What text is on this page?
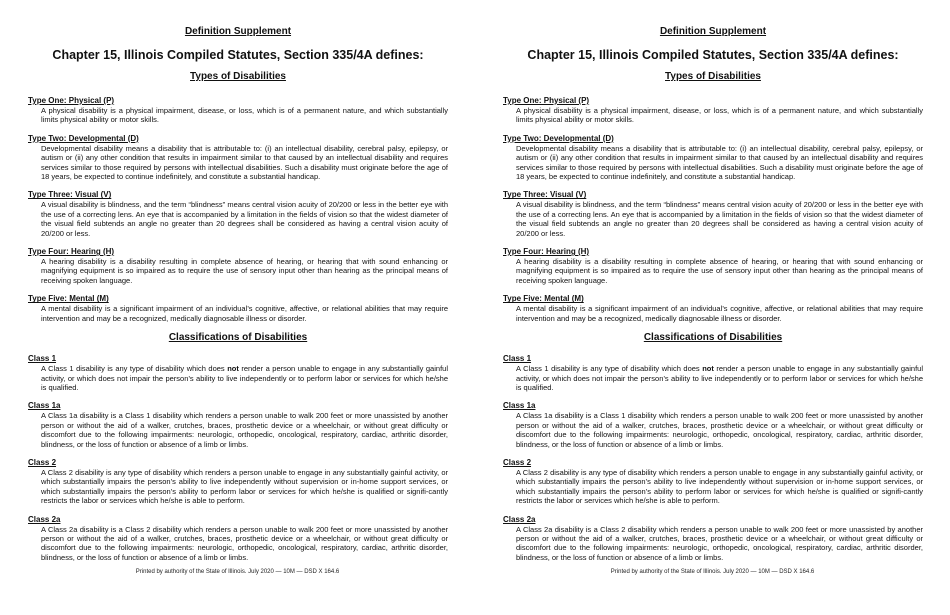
Definition Supplement
Chapter 15, Illinois Compiled Statutes, Section 335/4A defines:
Types of Disabilities

Type One: Physical (P)

A physical disability is a physical impairment, disease, or loss, which is of a permanent nature, and which substantially limits physical ability or motor skills.

Type Two: Developmental (D)

Developmental disability means a disability that is attributable to: (i) an intellectual disability, cerebral palsy, epilepsy, or autism or (ii) any other condition that results in impairment similar to that caused by an intellectual disability and requires services similar to those required by persons with intellectual disabilities. Such a disability must originate before the age of 18 years, be expected to continue indefinitely, and constitute a substantial handicap.

Type Three: Visual (V)

A visual disability is blindness, and the term “blindness” means central vision acuity of 20/200 or less in the better eye with the use of a correcting lens. An eye that is accompanied by a limitation in the fields of vision so that the widest diameter of the visual field subtends an angle no greater than 20 degrees shall be considered as having a central vision acuity of 20/200 or less.

Type Four: Hearing (H)

A hearing disability is a disability resulting in complete absence of hearing, or hearing that with sound enhancing or magnifying equipment is so impaired as to require the use of sensory input other than hearing as the principal means of receiving spoken language.

Type Five: Mental (M)

A mental disability is a significant impairment of an individual’s cognitive, affective, or relational abilities that may require intervention and may be a recognized, medically diagnosable illness or disorder.

Classifications of Disabilities

Class 1

A Class 1 disability is any type of disability which does not render a person unable to engage in any substantially gainful activity, or which does not impair the person’s ability to live independently or to perform labor or services for which he/she is qualified.

Class 1a

A Class 1a disability is a Class 1 disability which renders a person unable to walk 200 feet or more unassisted by another person or without the aid of a walker, crutches, braces, prosthetic device or a wheelchair, or without great difficulty or discomfort due to the following impairments: neurologic, orthopedic, oncological, respiratory, cardiac, arthritic disorder, blindness, or the loss of function or absence of a limb or limbs.

Class 2

A Class 2 disability is any type of disability which renders a person unable to engage in any substantially gainful activity, or which substantially impairs the person’s ability to live independently without supervision or in-home support services, or which substantially impairs the person’s ability to perform labor or services for which he/she is qualified or signifi-cantly restricts the labor or services which he/she is able to perform.

Class 2a

A Class 2a disability is a Class 2 disability which renders a person unable to walk 200 feet or more unassisted by another person or without the aid of a walker, crutches, braces, prosthetic device or a wheelchair, or without great difficulty or discomfort due to the following impairments: neurologic, orthopedic, oncological, respiratory, cardiac, arthritic disorder, blindness, or the loss of function or absence of a limb or limbs.

Printed by authority of the State of Illinois. July 2020 — 10M — DSD X 164.6
Definition Supplement
Chapter 15, Illinois Compiled Statutes, Section 335/4A defines:
Types of Disabilities

Type One: Physical (P)

A physical disability is a physical impairment, disease, or loss, which is of a permanent nature, and which substantially limits physical ability or motor skills.

Type Two: Developmental (D)

Developmental disability means a disability that is attributable to: (i) an intellectual disability, cerebral palsy, epilepsy, or autism or (ii) any other condition that results in impairment similar to that caused by an intellectual disability and requires services similar to those required by persons with intellectual disabilities. Such a disability must originate before the age of 18 years, be expected to continue indefinitely, and constitute a substantial handicap.

Type Three: Visual (V)

A visual disability is blindness, and the term “blindness” means central vision acuity of 20/200 or less in the better eye with the use of a correcting lens. An eye that is accompanied by a limitation in the fields of vision so that the widest diameter of the visual field subtends an angle no greater than 20 degrees shall be considered as having a central vision acuity of 20/200 or less.

Type Four: Hearing (H)

A hearing disability is a disability resulting in complete absence of hearing, or hearing that with sound enhancing or magnifying equipment is so impaired as to require the use of sensory input other than hearing as the principal means of receiving spoken language.

Type Five: Mental (M)

A mental disability is a significant impairment of an individual’s cognitive, affective, or relational abilities that may require intervention and may be a recognized, medically diagnosable illness or disorder.

Classifications of Disabilities

Class 1

A Class 1 disability is any type of disability which does not render a person unable to engage in any substantially gainful activity, or which does not impair the person’s ability to live independently or to perform labor or services for which he/she is qualified.

Class 1a

A Class 1a disability is a Class 1 disability which renders a person unable to walk 200 feet or more unassisted by another person or without the aid of a walker, crutches, braces, prosthetic device or a wheelchair, or without great difficulty or discomfort due to the following impairments: neurologic, orthopedic, oncological, respiratory, cardiac, arthritic disorder, blindness, or the loss of function or absence of a limb or limbs.

Class 2

A Class 2 disability is any type of disability which renders a person unable to engage in any substantially gainful activity, or which substantially impairs the person’s ability to live independently without supervision or in-home support services, or which substantially impairs the person’s ability to perform labor or services for which he/she is qualified or signifi-cantly restricts the labor or services which he/she is able to perform.

Class 2a

A Class 2a disability is a Class 2 disability which renders a person unable to walk 200 feet or more unassisted by another person or without the aid of a walker, crutches, braces, prosthetic device or a wheelchair, or without great difficulty or discomfort due to the following impairments: neurologic, orthopedic, oncological, respiratory, cardiac, arthritic disorder, blindness, or the loss of function or absence of a limb or limbs.

Printed by authority of the State of Illinois. July 2020 — 10M — DSD X 164.6
